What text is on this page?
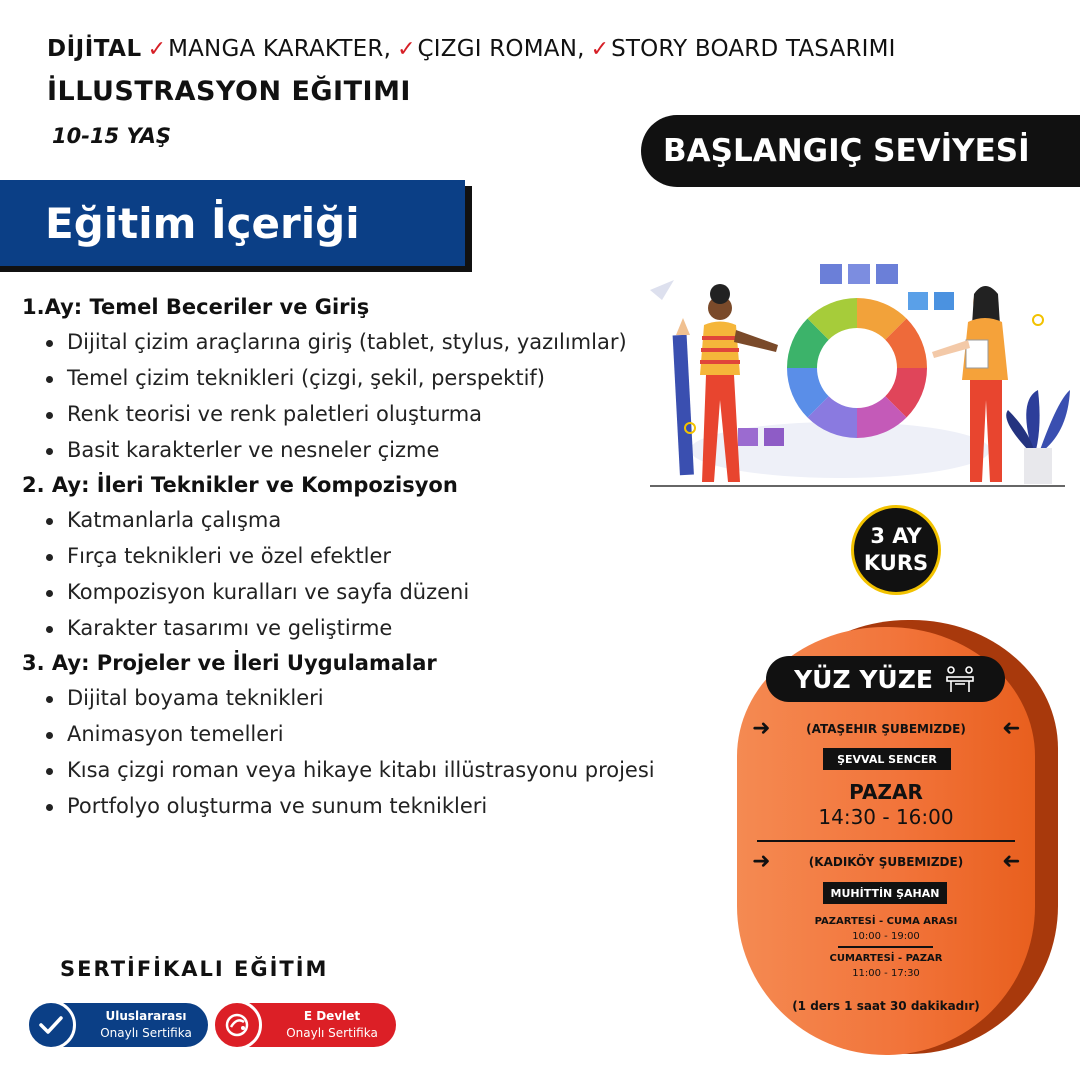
DİJİTAL ✓ MANGA KARAKTER, ✓ ÇIZGI ROMAN, ✓ STORY BOARD TASARIMI
İLLUSTRASYON EĞITIMI
10-15 YAŞ	BAŞLANGIÇ SEVİYESİ
Eğitim İçeriği
1.Ay: Temel Beceriler ve Giriş
Dijital çizim araçlarına giriş (tablet, stylus, yazılımlar)
Temel çizim teknikleri (çizgi, şekil, perspektif)
Renk teorisi ve renk paletleri oluşturma
Basit karakterler ve nesneler çizme
2. Ay: İleri Teknikler ve Kompozisyon
Katmanlarla çalışma
Fırça teknikleri ve özel efektler
Kompozisyon kuralları ve sayfa düzeni
Karakter tasarımı ve geliştirme
3. Ay: Projeler ve İleri Uygulamalar
Dijital boyama teknikleri
Animasyon temelleri
Kısa çizgi roman veya hikaye kitabı illüstrasyonu projesi
Portfolyo oluşturma ve sunum teknikleri
3 AY
KURS
YÜZ YÜZE
➜	(ATAŞEHIR ŞUBEMIZDE) ➜
ŞEVVAL SENCER
PAZAR
14:30 - 16:00
➜	(KADIKÖY ŞUBEMIZDE) ➜
MUHİTTİN ŞAHAN
PAZARTESİ - CUMA ARASI
10:00 - 19:00
CUMARTESİ - PAZAR
11:00 - 17:30
(1 ders 1 saat 30 dakikadır)
SERTİFİKALI EĞİTİM
Uluslararası
Onaylı Sertifika
E Devlet
Onaylı Sertifika
